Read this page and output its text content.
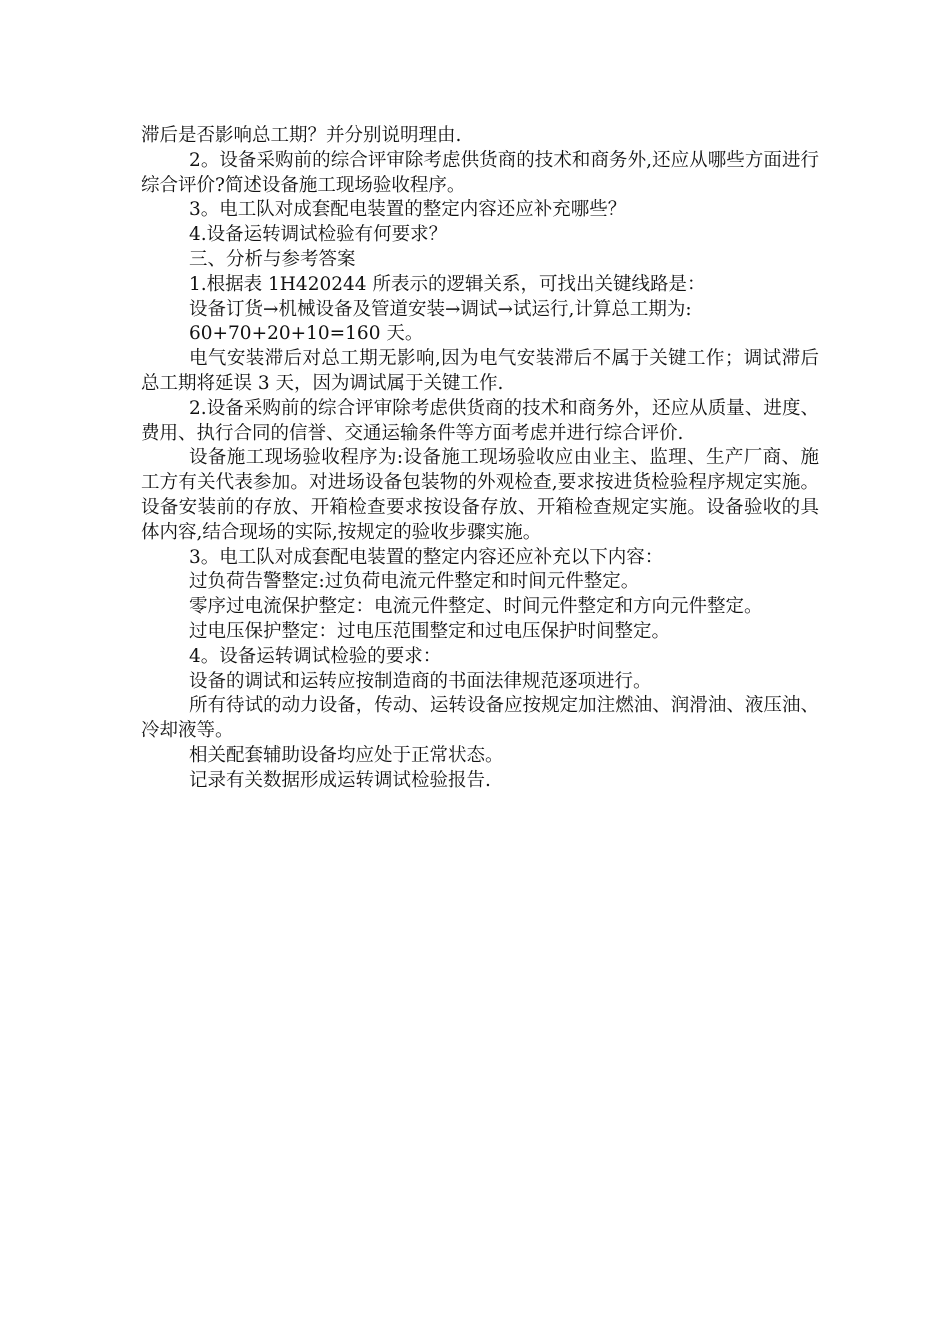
滞后是否影响总工期？并分别说明理由.

2。设备采购前的综合评审除考虑供货商的技术和商务外,还应从哪些方面进行综合评价?简述设备施工现场验收程序。

3。电工队对成套配电装置的整定内容还应补充哪些？

4.设备运转调试检验有何要求？

三、分析与参考答案

1.根据表 1H420244 所表示的逻辑关系，可找出关键线路是：

设备订货→机械设备及管道安装→调试→试运行,计算总工期为:

60+70+20+10=160 天。

电气安装滞后对总工期无影响,因为电气安装滞后不属于关键工作；调试滞后总工期将延误 3 天，因为调试属于关键工作.

2.设备采购前的综合评审除考虑供货商的技术和商务外，还应从质量、进度、费用、执行合同的信誉、交通运输条件等方面考虑并进行综合评价.

设备施工现场验收程序为:设备施工现场验收应由业主、监理、生产厂商、施工方有关代表参加。对进场设备包装物的外观检查,要求按进货检验程序规定实施。设备安装前的存放、开箱检查要求按设备存放、开箱检查规定实施。设备验收的具体内容,结合现场的实际,按规定的验收步骤实施。

3。电工队对成套配电装置的整定内容还应补充以下内容：

过负荷告警整定:过负荷电流元件整定和时间元件整定。

零序过电流保护整定：电流元件整定、时间元件整定和方向元件整定。

过电压保护整定：过电压范围整定和过电压保护时间整定。

4。设备运转调试检验的要求：

设备的调试和运转应按制造商的书面法律规范逐项进行。

所有待试的动力设备，传动、运转设备应按规定加注燃油、润滑油、液压油、冷却液等。

相关配套辅助设备均应处于正常状态。

记录有关数据形成运转调试检验报告.
